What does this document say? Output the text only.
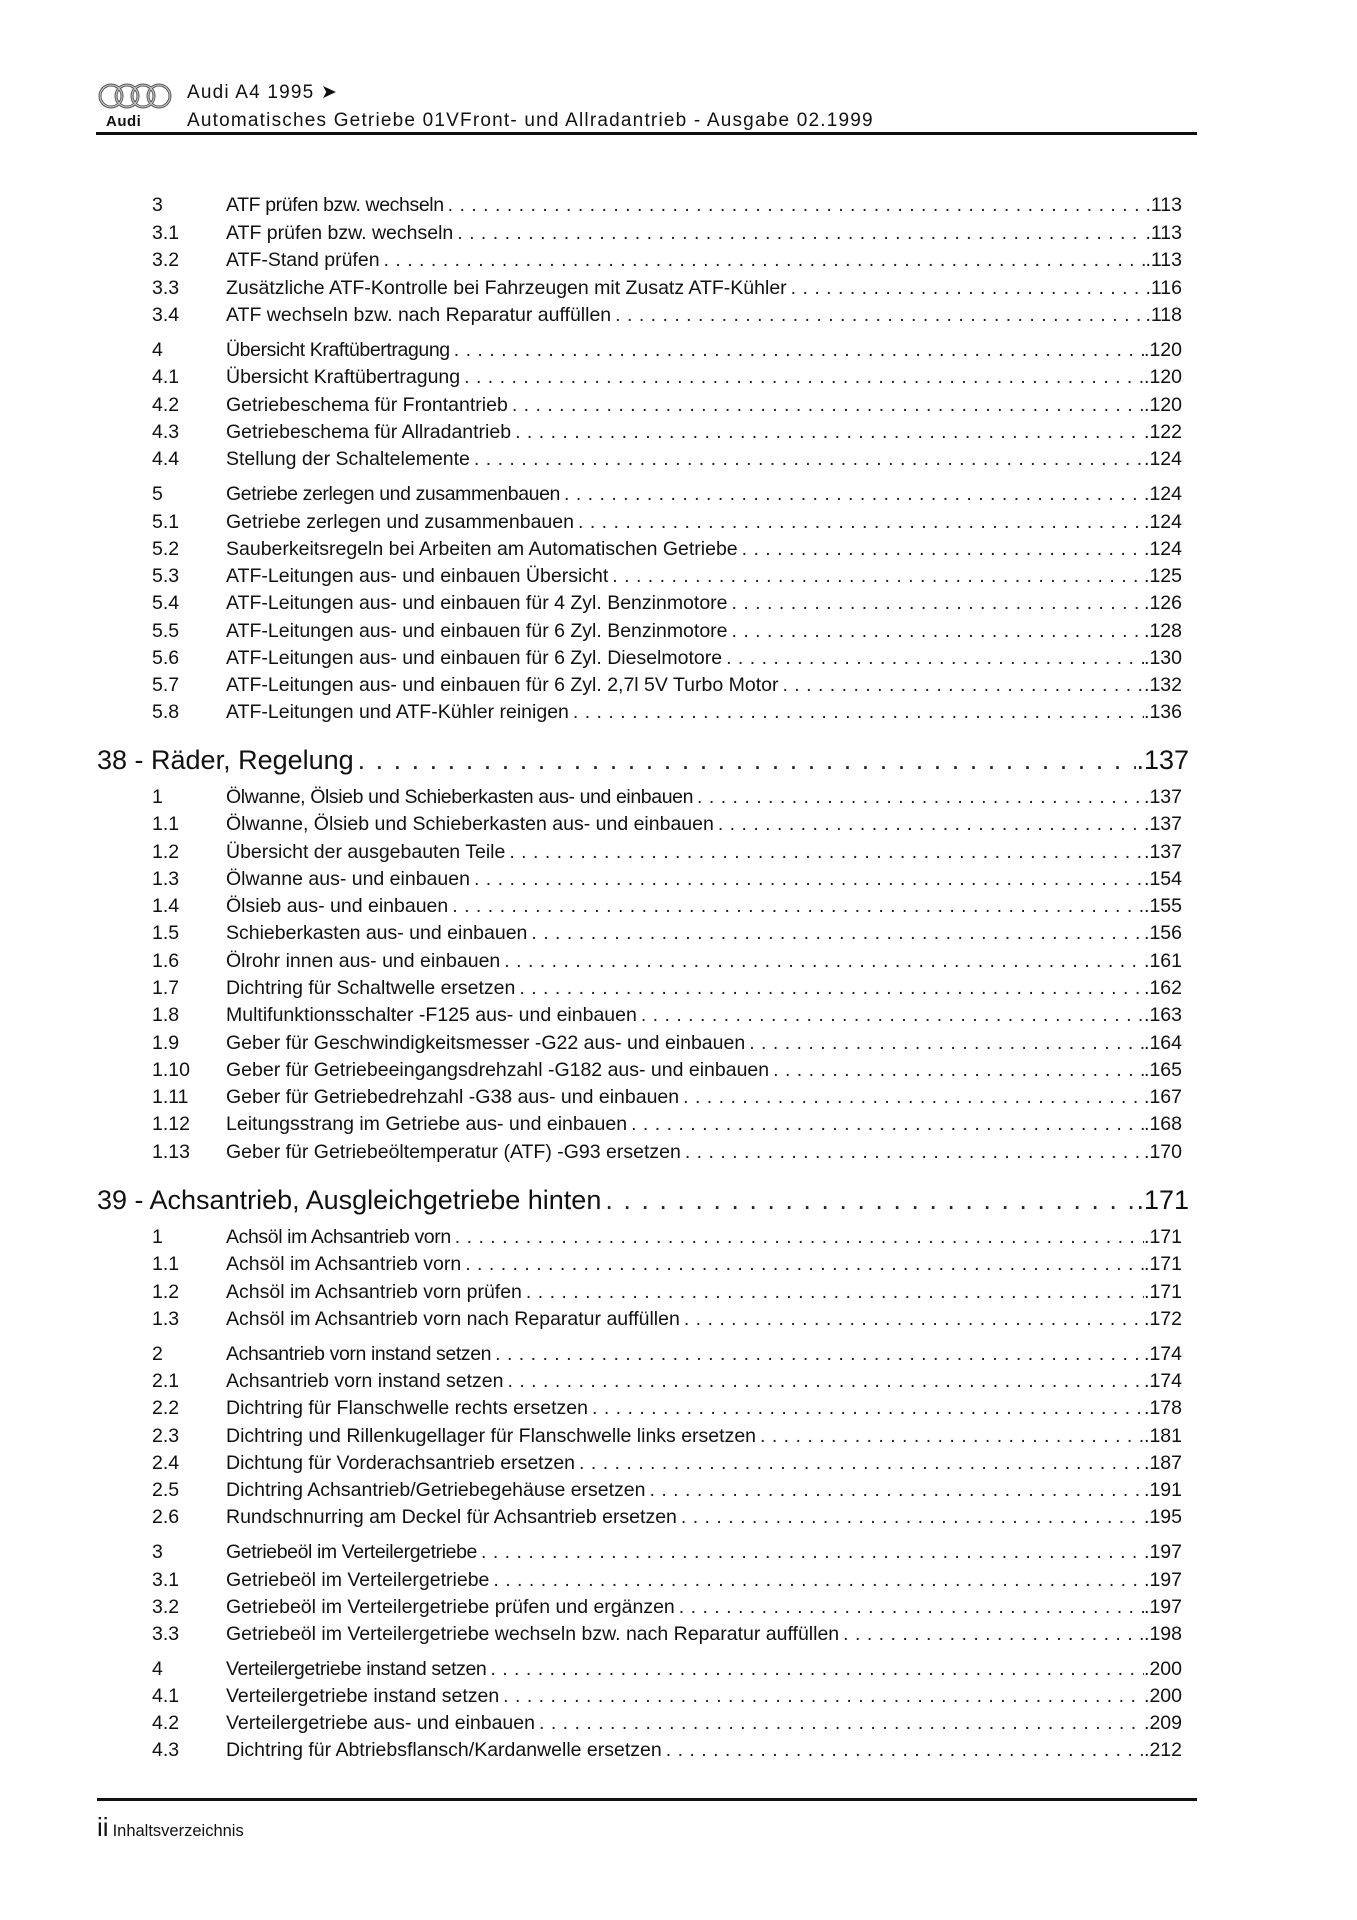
Audi
Audi A4 1995 ➤
Automatisches Getriebe 01VFront- und Allradantrieb - Ausgabe 02.1999
3	ATF prüfen bzw. wechseln . . .	.113
3.1	ATF prüfen bzw. wechseln . . .	.113
3.2	ATF-Stand prüfen . . .	.113
3.3	Zusätzliche ATF-Kontrolle bei Fahrzeugen mit Zusatz ATF-Kühler . . .	.116
3.4	ATF wechseln bzw. nach Reparatur auffüllen . . .	.118
4	Übersicht Kraftübertragung . . .	.120
4.1	Übersicht Kraftübertragung . . .	.120
4.2	Getriebeschema für Frontantrieb . . .	.120
4.3	Getriebeschema für Allradantrieb . . .	.122
4.4	Stellung der Schaltelemente . . .	.124
5	Getriebe zerlegen und zusammenbauen . . .	.124
5.1	Getriebe zerlegen und zusammenbauen . . .	.124
5.2	Sauberkeitsregeln bei Arbeiten am Automatischen Getriebe . . .	.124
5.3	ATF-Leitungen aus- und einbauen Übersicht . . .	.125
5.4	ATF-Leitungen aus- und einbauen für 4 Zyl. Benzinmotore . . .	.126
5.5	ATF-Leitungen aus- und einbauen für 6 Zyl. Benzinmotore . . .	.128
5.6	ATF-Leitungen aus- und einbauen für 6 Zyl. Dieselmotore . . .	.130
5.7	ATF-Leitungen aus- und einbauen für 6 Zyl. 2,7l 5V Turbo Motor . . .	.132
5.8	ATF-Leitungen und ATF-Kühler reinigen . . .	.136
38 - Räder, Regelung . . .	.137
1	Ölwanne, Ölsieb und Schieberkasten aus- und einbauen . . .	.137
1.1	Ölwanne, Ölsieb und Schieberkasten aus- und einbauen . . .	.137
1.2	Übersicht der ausgebauten Teile . . .	.137
1.3	Ölwanne aus- und einbauen . . .	.154
1.4	Ölsieb aus- und einbauen . . .	.155
1.5	Schieberkasten aus- und einbauen . . .	.156
1.6	Ölrohr innen aus- und einbauen . . .	.161
1.7	Dichtring für Schaltwelle ersetzen . . .	.162
1.8	Multifunktionsschalter -F125 aus- und einbauen . . .	.163
1.9	Geber für Geschwindigkeitsmesser -G22 aus- und einbauen . . .	.164
1.10	Geber für Getriebeeingangsdrehzahl -G182 aus- und einbauen . . .	.165
1.11	Geber für Getriebedrehzahl -G38 aus- und einbauen . . .	.167
1.12	Leitungsstrang im Getriebe aus- und einbauen . . .	.168
1.13	Geber für Getriebeöltemperatur (ATF) -G93 ersetzen . . .	.170
39 - Achsantrieb, Ausgleichgetriebe hinten . . .	.171
1	Achsöl im Achsantrieb vorn . . .	.171
1.1	Achsöl im Achsantrieb vorn . . .	.171
1.2	Achsöl im Achsantrieb vorn prüfen . . .	.171
1.3	Achsöl im Achsantrieb vorn nach Reparatur auffüllen . . .	.172
2	Achsantrieb vorn instand setzen . . .	.174
2.1	Achsantrieb vorn instand setzen . . .	.174
2.2	Dichtring für Flanschwelle rechts ersetzen . . .	.178
2.3	Dichtring und Rillenkugellager für Flanschwelle links ersetzen . . .	.181
2.4	Dichtung für Vorderachsantrieb ersetzen . . .	.187
2.5	Dichtring Achsantrieb/Getriebegehäuse ersetzen . . .	.191
2.6	Rundschnurring am Deckel für Achsantrieb ersetzen . . .	.195
3	Getriebeöl im Verteilergetriebe . . .	.197
3.1	Getriebeöl im Verteilergetriebe . . .	.197
3.2	Getriebeöl im Verteilergetriebe prüfen und ergänzen . . .	.197
3.3	Getriebeöl im Verteilergetriebe wechseln bzw. nach Reparatur auffüllen . . .	.198
4	Verteilergetriebe instand setzen . . .	.200
4.1	Verteilergetriebe instand setzen . . .	.200
4.2	Verteilergetriebe aus- und einbauen . . .	.209
4.3	Dichtring für Abtriebsflansch/Kardanwelle ersetzen . . .	.212
ii Inhaltsverzeichnis
